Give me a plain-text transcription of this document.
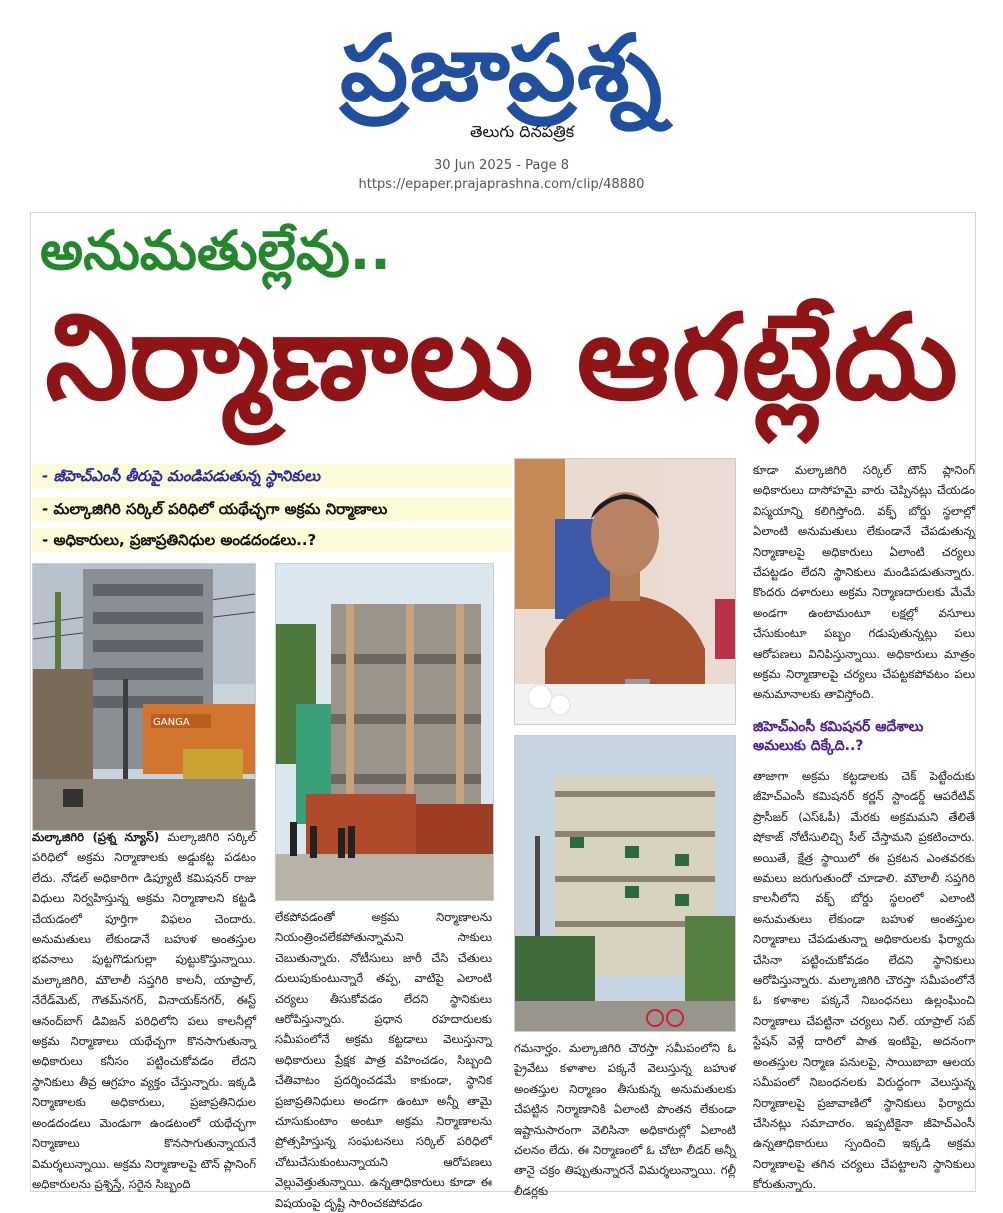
ప్రజాప్రశ్న
తెలుగు దినపత్రిక
30 Jun 2025 - Page 8
https://epaper.prajaprashna.com/clip/48880
అనుమతుల్లేవు..
నిర్మాణాలు ఆగట్లేదు
- జీహెచ్ఎంసీ తీరుపై మండిపడుతున్న స్థానికులు
- మల్కాజిగిరి సర్కిల్ పరిధిలో యథేచ్ఛగా అక్రమ నిర్మాణాలు
- అధికారులు, ప్రజాప్రతినిధుల అండదండలు..?
GANGA
మల్కాజిగిరి (ప్రశ్న న్యూస్) మల్కాజిగిరి సర్కిల్ పరిధిలో అక్రమ నిర్మాణాలకు అడ్డుకట్ట పడటం లేదు. నోడల్ అధికారిగా డిప్యూటీ కమిషనర్ రాజు విధులు నిర్వహిస్తున్న అక్రమ నిర్మాణాలని కట్టడి చేయడంలో పూర్తిగా విఫలం చెందారు. అనుమతులు లేకుండానే బహుళ అంతస్తుల భవనాలు పుట్టగొడుగుల్లా పుట్టుకొస్తున్నాయి. మల్కాజిగిరి, మౌలాలీ సప్తగిరి కాలనీ, యాప్రాల్, నేరేడ్‌మెట్, గౌతమ్‌నగర్, వినాయక్‌నగర్, ఈస్ట్ ఆనంద్‌బాగ్ డివిజన్ పరిధిలోని పలు కాలనీల్లో అక్రమ నిర్మాణాలు యథేచ్ఛగా కొనసాగుతున్నా అధికారులు కనీసం పట్టించుకోవడం లేదని స్థానికులు తీవ్ర ఆగ్రహం వ్యక్తం చేస్తున్నారు. ఇక్కడి నిర్మాణాలకు అధికారులు, ప్రజాప్రతినిధుల అండదండలు మెండుగా ఉండటంలో యథేచ్ఛగా నిర్మాణాలు కొనసాగుతున్నాయనే విమర్శలున్నాయి. అక్రమ నిర్మాణాలపై టౌన్ ప్లానింగ్ అధికారులను ప్రశ్నిస్తే, సరైన సిబ్బంది
లేకపోవడంతో అక్రమ నిర్మాణాలను నియంత్రించలేకపోతున్నామని సాకులు చెబుతున్నారు. నోటీసులు జారీ చేసి చేతులు దులుపుకుంటున్నారే తప్ప, వాటిపై ఎలాంటి చర్యలు తీసుకోవడం లేదని స్థానికులు ఆరోపిస్తున్నారు. ప్రధాన రహదారులకు సమీపంలోనే అక్రమ కట్టడాలు వెలుస్తున్నా అధికారులు ప్రేక్షక పాత్ర వహించడం, సిబ్బంది చేతివాటం ప్రదర్శించడమే కాకుండా, స్థానిక ప్రజాప్రతినిధులు అండగా ఉంటూ అన్నీ తామై చూసుకుంటాం అంటూ అక్రమ నిర్మాణాలను ప్రోత్సహిస్తున్న సంఘటనలు సర్కిల్ పరిధిలో చోటుచేసుకుంటున్నాయని ఆరోపణలు వెల్లువెత్తుతున్నాయి. ఉన్నతాధికారులు కూడా ఈ విషయంపై దృష్టి సారించకపోవడం
గమనార్హం. మల్కాజిగిరి చౌరస్తా సమీపంలోని ఓ ప్రైవేటు కళాశాల పక్కనే వెలుస్తున్న బహుళ అంతస్తుల నిర్మాణం తీసుకున్న అనుమతులకు చేపట్టిన నిర్మాణానికి ఏలాంటి పొంతన లేకుండా ఇష్టానుసారంగా వెలిసినా అధికారుల్లో ఏలాంటి చలనం లేదు. ఈ నిర్మాణంలో ఓ చోటా లీడర్ అన్నీ తానై చక్రం తిప్పుతున్నారనే విమర్శలున్నాయి. గల్లీ లీడర్లకు
కూడా మల్కాజిగిరి సర్కిల్ టౌన్ ప్లానింగ్ అధికారులు దాసోహమై వారు చెప్పినట్లు చేయడం విస్మయాన్ని కలిగిస్తోంది. వక్ఫ్ బోర్డు స్థలాల్లో ఏలాంటి అనుమతులు లేకుండానే చేపడుతున్న నిర్మాణాలపై అధికారులు ఏలాంటి చర్యలు చేపట్టడం లేదని స్థానికులు మండిపడుతున్నారు. కొందరు దళారులు అక్రమ నిర్మాణదారులకు మేమే అండగా ఉంటామంటూ లక్షల్లో వసూలు చేసుకుంటూ పబ్బం గడుపుతున్నట్లు పలు ఆరోపణలు వినిపిస్తున్నాయి. అధికారులు మాత్రం అక్రమ నిర్మాణాలపై చర్యలు చేపట్టకపోవటం పలు అనుమానాలకు తావిస్తోంది.
జిహెచ్ఎంసీ కమిషనర్ ఆదేశాలు అమలుకు దిక్కేది..?
తాజాగా అక్రమ కట్టడాలకు చెక్ పెట్టేందుకు జీహెచ్ఎంసీ కమిషనర్ కర్ణన్ స్టాండర్డ్ ఆపరేటివ్ ప్రొసీజర్ (ఎస్ఓపీ) మేరకు అక్రమమని తేలితే షోకాజ్ నోటీసులిచ్చి సీల్ చేస్తామని ప్రకటించారు. అయితే, క్షేత్ర స్థాయిలో ఈ ప్రకటన ఎంతవరకు అమలు జరుగుతుందో చూడాలి. మౌలాలీ సప్తగిరి కాలనీలోని వక్ఫ్ బోర్డు స్థలంలో ఎలాంటి అనుమతులు లేకుండా బహుళ అంతస్తుల నిర్మాణాలు చేపడుతున్నా అధికారులకు ఫిర్యాదు చేసినా పట్టించుకోవడం లేదని స్థానికులు ఆరోపిస్తున్నారు. మల్కాజిగిరి చౌరస్తా సమీపంలోనే ఓ కళాశాల పక్కనే నిబంధనలు ఉల్లంఘించి నిర్మాణాలు చేపట్టినా చర్యలు నిల్. యాప్రాల్ సబ్ స్టేషన్ వెళ్లే దారిలో పాత ఇంటిపై, అదనంగా అంతస్తుల నిర్మాణ పనులపై, సాయిబాబా ఆలయ సమీపంలో నిబంధనలకు విరుద్ధంగా వెలుస్తున్న నిర్మాణాలపై ప్రజావాణిలో స్థానికులు ఫిర్యాదు చేసినట్లు సమాచారం. ఇప్పటికైనా జీహెచ్ఎంసీ ఉన్నతాధికారులు స్పందించి ఇక్కడి అక్రమ నిర్మాణాలపై తగిన చర్యలు చేపట్టాలని స్థానికులు కోరుతున్నారు.
